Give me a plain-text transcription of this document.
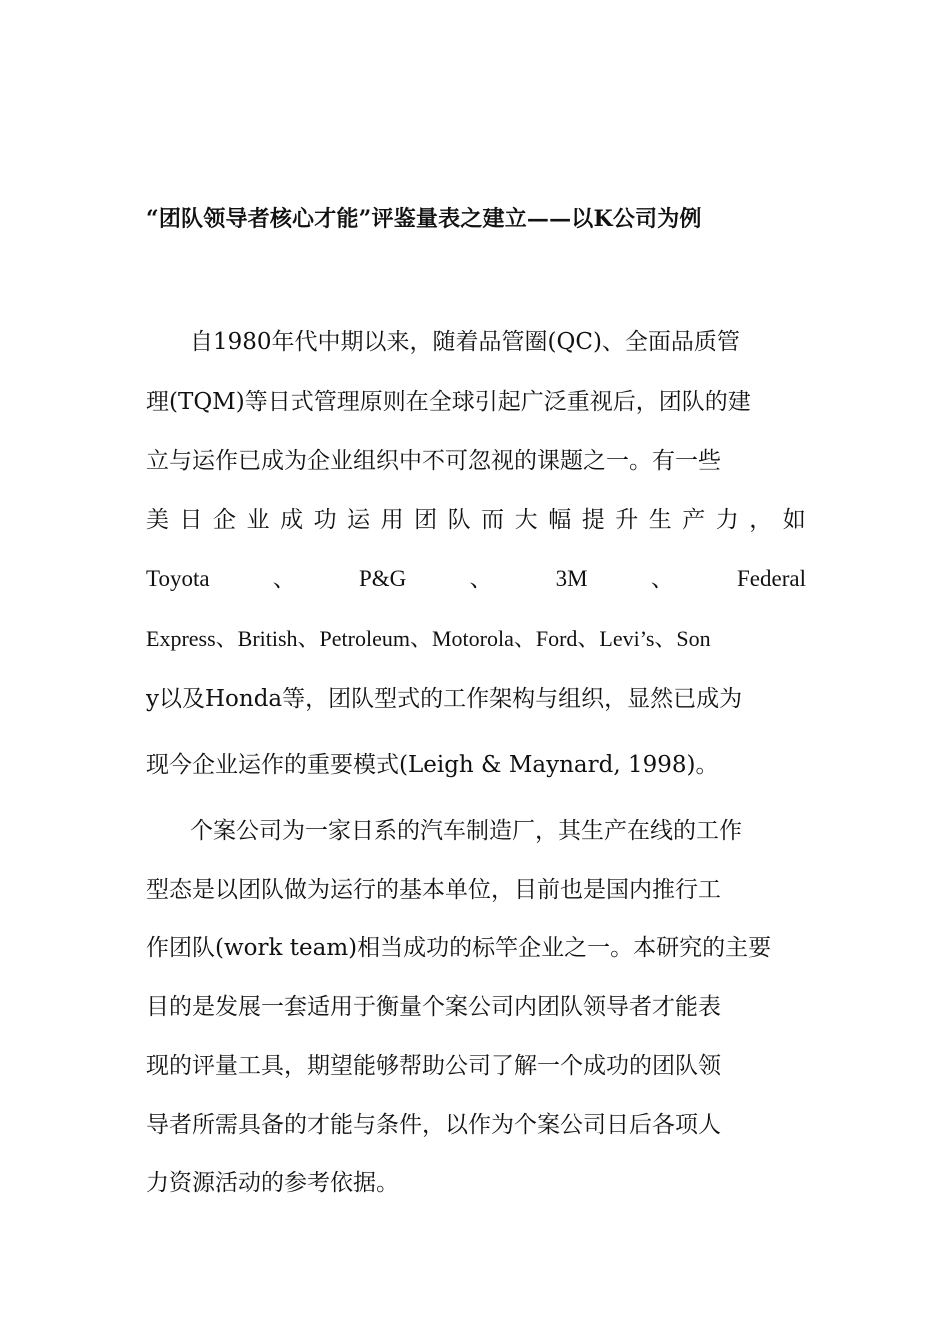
“团队领导者核心才能”评鉴量表之建立——以K公司为例
自1980年代中期以来，随着品管圈(QC)、全面品质管
理(TQM)等日式管理原则在全球引起广泛重视后，团队的建
立与运作已成为企业组织中不可忽视的课题之一。有一些
美 日 企 业 成 功 运 用 团 队 而 大 幅 提 升 生 产 力 ， 如
Toyota	、	P&G	、	3M	、	Federal
Express、British、Petroleum、Motorola、Ford、Levi’s、Son
y以及Honda等，团队型式的工作架构与组织，显然已成为
现今企业运作的重要模式(Leigh & Maynard, 1998)。
个案公司为一家日系的汽车制造厂，其生产在线的工作
型态是以团队做为运行的基本单位，目前也是国内推行工
作团队(work team)相当成功的标竿企业之一。本研究的主要
目的是发展一套适用于衡量个案公司内团队领导者才能表
现的评量工具，期望能够帮助公司了解一个成功的团队领
导者所需具备的才能与条件，以作为个案公司日后各项人
力资源活动的参考依据。
